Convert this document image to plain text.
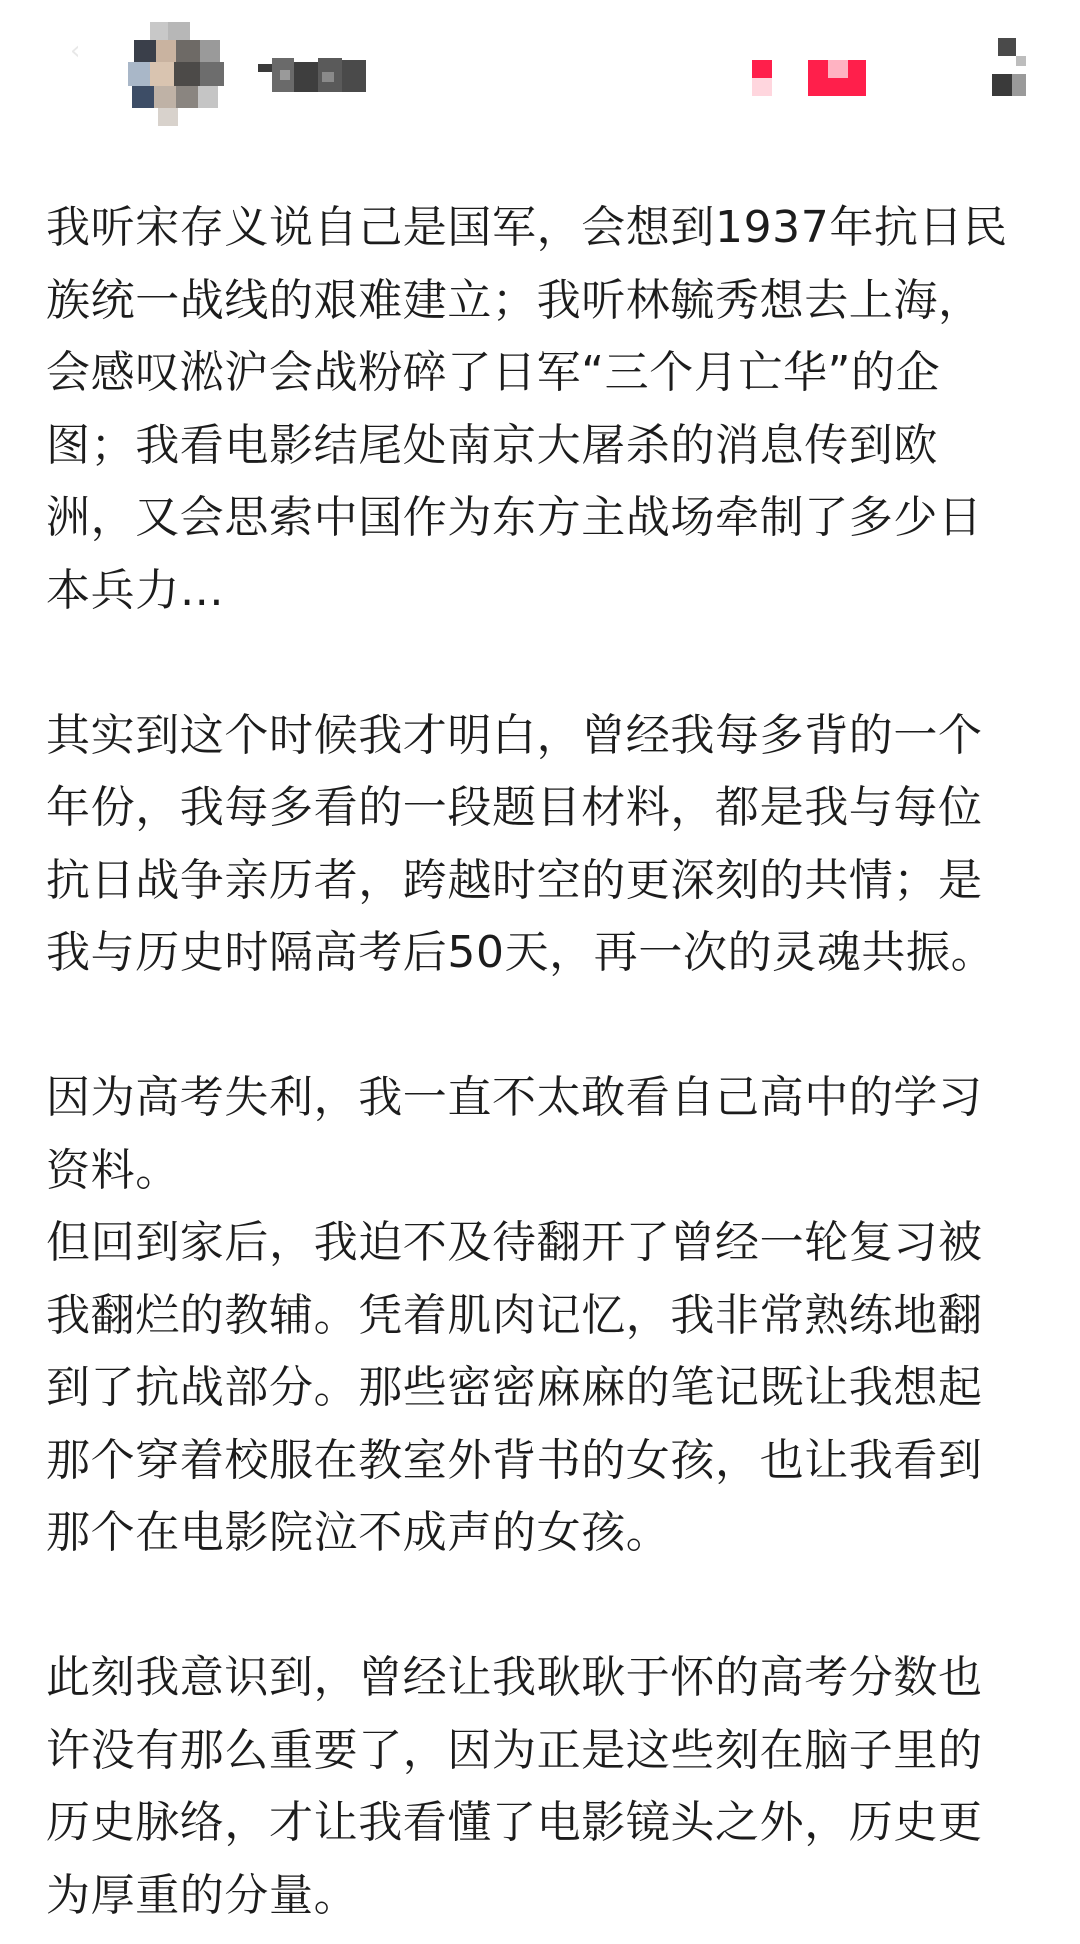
‹
我听宋存义说自己是国军，会想到1937年抗日民
族统一战线的艰难建立；我听林毓秀想去上海，
会感叹淞沪会战粉碎了日军“三个月亡华”的企
图；我看电影结尾处南京大屠杀的消息传到欧
洲，又会思索中国作为东方主战场牵制了多少日
本兵力…
其实到这个时候我才明白，曾经我每多背的一个
年份，我每多看的一段题目材料，都是我与每位
抗日战争亲历者，跨越时空的更深刻的共情；是
我与历史时隔高考后50天，再一次的灵魂共振。
因为高考失利，我一直不太敢看自己高中的学习
资料。
但回到家后，我迫不及待翻开了曾经一轮复习被
我翻烂的教辅。凭着肌肉记忆，我非常熟练地翻
到了抗战部分。那些密密麻麻的笔记既让我想起
那个穿着校服在教室外背书的女孩，也让我看到
那个在电影院泣不成声的女孩。
此刻我意识到，曾经让我耿耿于怀的高考分数也
许没有那么重要了，因为正是这些刻在脑子里的
历史脉络，才让我看懂了电影镜头之外，历史更
为厚重的分量。
